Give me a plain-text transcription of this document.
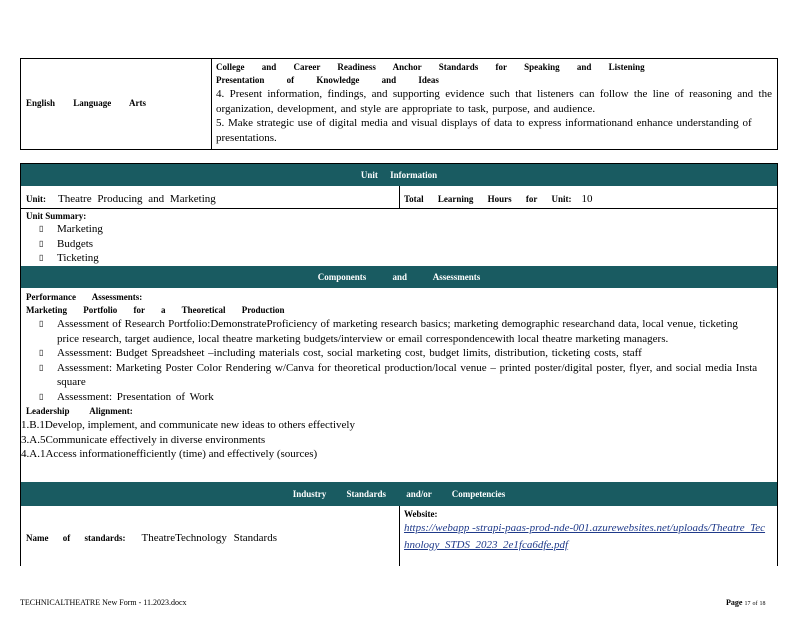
English Language Arts
College and Career Readiness Anchor Standards for Speaking and Listening
Presentation of Knowledge and Ideas
4. Present information, findings, and supporting evidence such that listeners can follow the line of reasoning and the organization, development, and style are appropriate to task, purpose, and audience.
5. Make strategic use of digital media and visual displays of data to express informationand enhance understanding of presentations.
Unit Information
Unit: Theatre Producing and Marketing	Total Learning Hours for Unit: 10
Unit Summary:
▯ Marketing
▯ Budgets
▯ Ticketing
Components and Assessments
Performance Assessments:
Marketing Portfolio for a Theoretical Production
▯ Assessment of Research Portfolio:DemonstrateProficiency of marketing research basics; marketing demographic researchand data, local venue, ticketing price research, target audience, local theatre marketing budgets/interview or email correspondencewith local theatre marketing managers.
▯ Assessment: Budget Spreadsheet –including materials cost, social marketing cost, budget limits, distribution, ticketing costs, staff
▯ Assessment: Marketing Poster Color Rendering w/Canva for theoretical production/local venue – printed poster/digital poster, flyer, and social media Insta square
▯ Assessment: Presentation of Work
Leadership Alignment:
1.B.1Develop, implement, and communicate new ideas to others effectively
3.A.5Communicate effectively in diverse environments
4.A.1Access informationefficiently (time) and effectively (sources)
Industry Standards and/or Competencies
Name of standards: TheatreTechnology Standards
Website:
https://webapp -strapi-paas-prod-nde-001.azurewebsites.net/uploads/Theatre_Technology_STDS_2023_2e1fca6dfe.pdf
TECHNICALTHEATRE New Form - 11.2023.docx	Page 17 of 18
